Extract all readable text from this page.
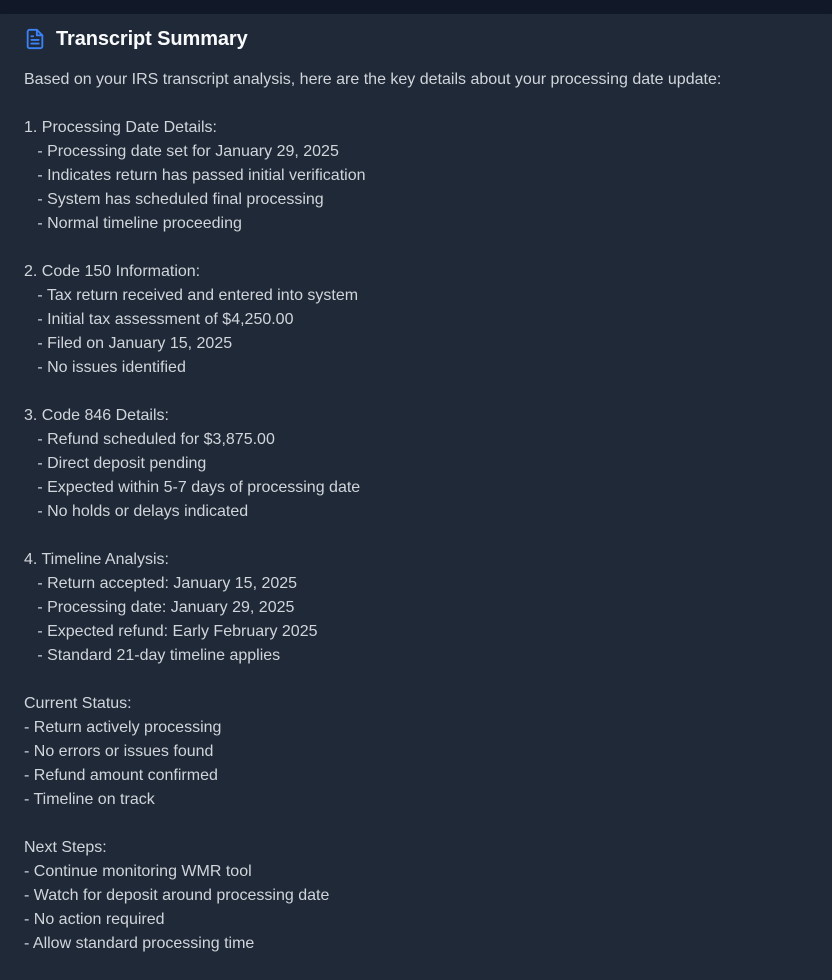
Transcript Summary
Based on your IRS transcript analysis, here are the key details about your processing date update:

1. Processing Date Details:
- Processing date set for January 29, 2025
- Indicates return has passed initial verification
- System has scheduled final processing
- Normal timeline proceeding

2. Code 150 Information:
- Tax return received and entered into system
- Initial tax assessment of $4,250.00
- Filed on January 15, 2025
- No issues identified

3. Code 846 Details:
- Refund scheduled for $3,875.00
- Direct deposit pending
- Expected within 5-7 days of processing date
- No holds or delays indicated

4. Timeline Analysis:
- Return accepted: January 15, 2025
- Processing date: January 29, 2025
- Expected refund: Early February 2025
- Standard 21-day timeline applies

Current Status:
- Return actively processing
- No errors or issues found
- Refund amount confirmed
- Timeline on track

Next Steps:
- Continue monitoring WMR tool
- Watch for deposit around processing date
- No action required
- Allow standard processing time
